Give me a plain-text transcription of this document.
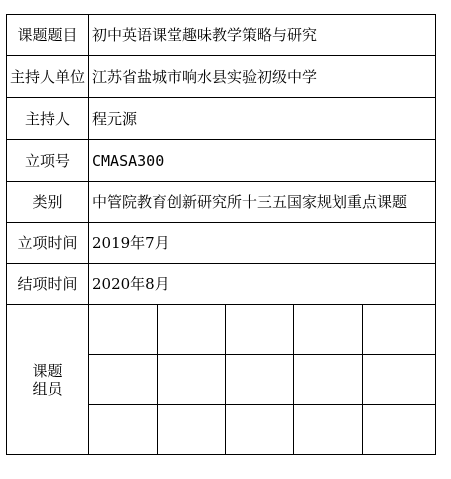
课题题目	初中英语课堂趣味教学策略与研究				
主持人单位	江苏省盐城市响水县实验初级中学				
主持人	程元源				
立项号	CMASA300				
类别	中管院教育创新研究所十三五国家规划重点课题				
立项时间	2019年7月				
结项时间	2020年8月				

课题
组员					
